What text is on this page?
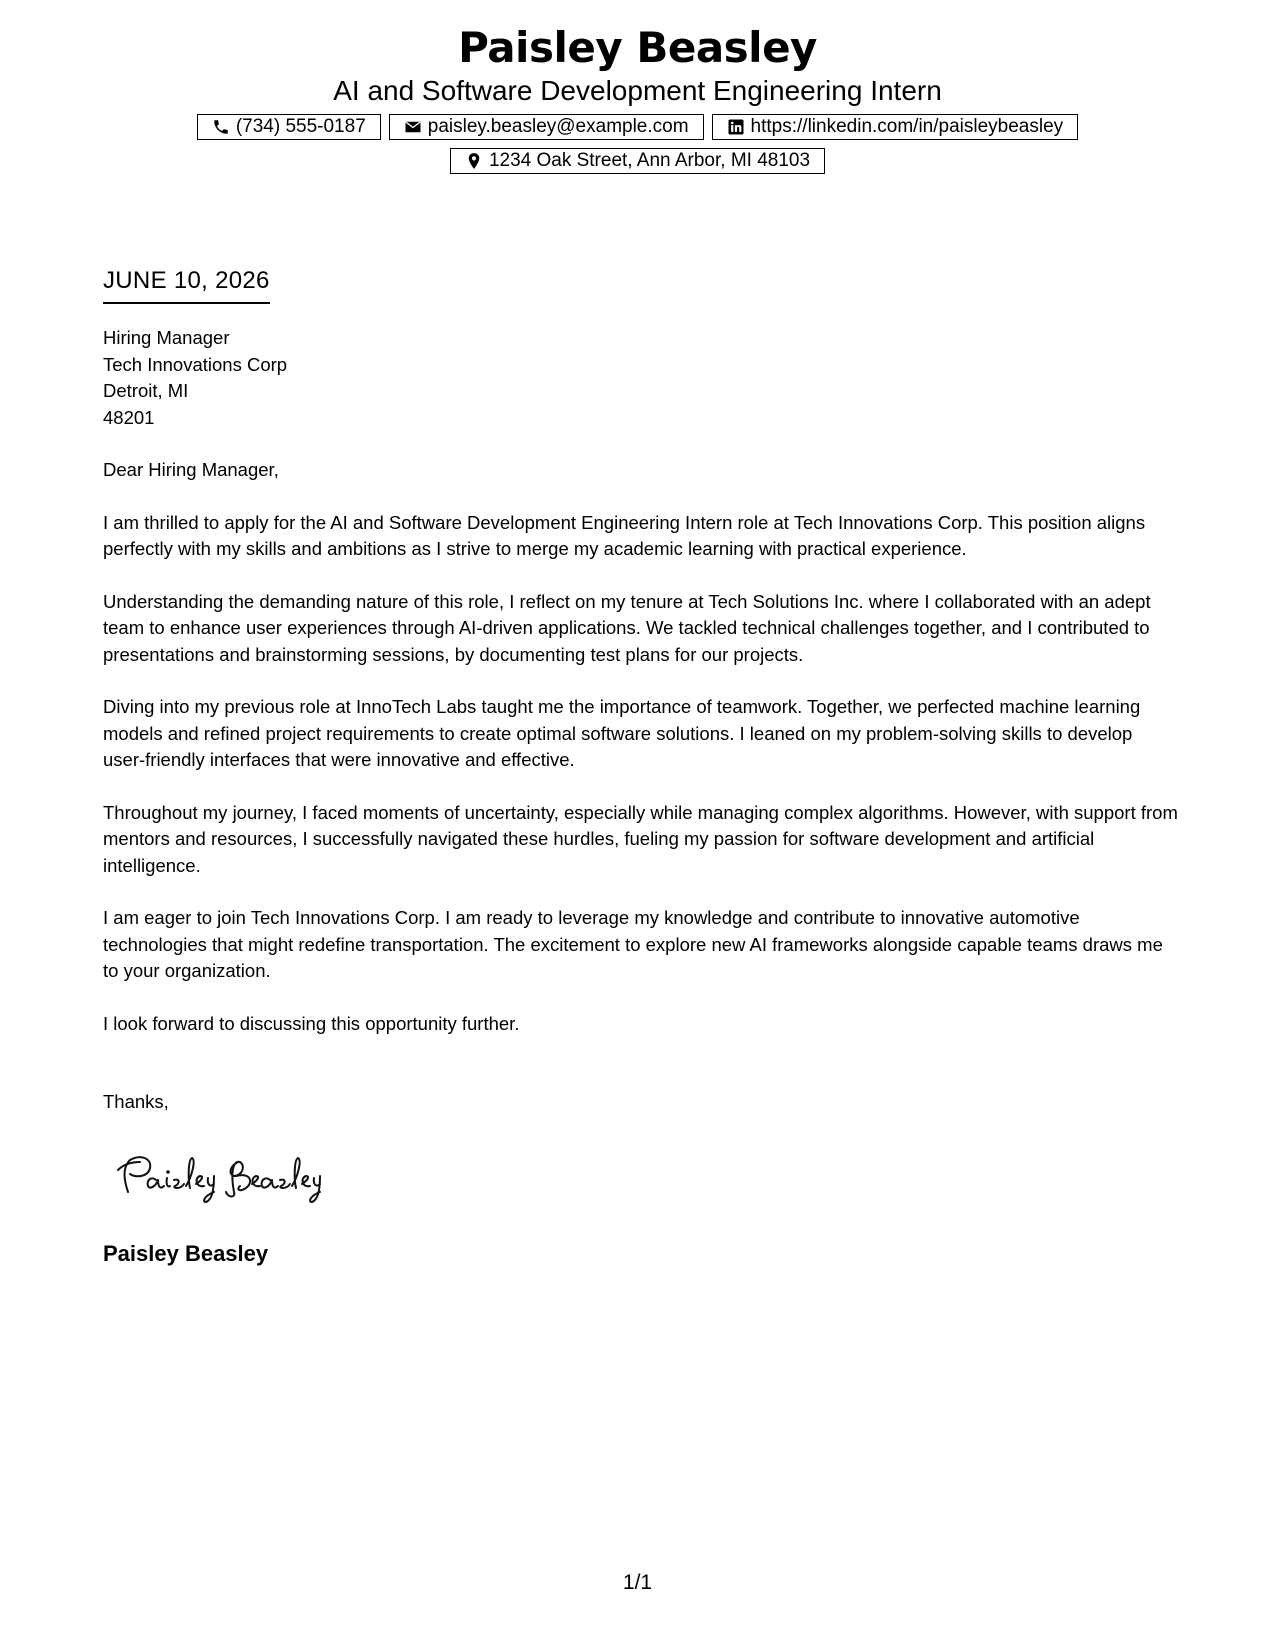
Paisley Beasley
AI and Software Development Engineering Intern
(734) 555-0187	paisley.beasley@example.com	https://linkedin.com/in/paisleybeasley
1234 Oak Street, Ann Arbor, MI 48103
JUNE 10, 2026
Hiring Manager
Tech Innovations Corp
Detroit, MI
48201
Dear Hiring Manager,

I am thrilled to apply for the AI and Software Development Engineering Intern role at Tech Innovations Corp. This position aligns perfectly with my skills and ambitions as I strive to merge my academic learning with practical experience.

Understanding the demanding nature of this role, I reflect on my tenure at Tech Solutions Inc. where I collaborated with an adept team to enhance user experiences through AI-driven applications. We tackled technical challenges together, and I contributed to presentations and brainstorming sessions, by documenting test plans for our projects.

Diving into my previous role at InnoTech Labs taught me the importance of teamwork. Together, we perfected machine learning models and refined project requirements to create optimal software solutions. I leaned on my problem-solving skills to develop user-friendly interfaces that were innovative and effective.

Throughout my journey, I faced moments of uncertainty, especially while managing complex algorithms. However, with support from mentors and resources, I successfully navigated these hurdles, fueling my passion for software development and artificial intelligence.

I am eager to join Tech Innovations Corp. I am ready to leverage my knowledge and contribute to innovative automotive technologies that might redefine transportation. The excitement to explore new AI frameworks alongside capable teams draws me to your organization.

I look forward to discussing this opportunity further.

Thanks,
Paisley Beasley
1/1
